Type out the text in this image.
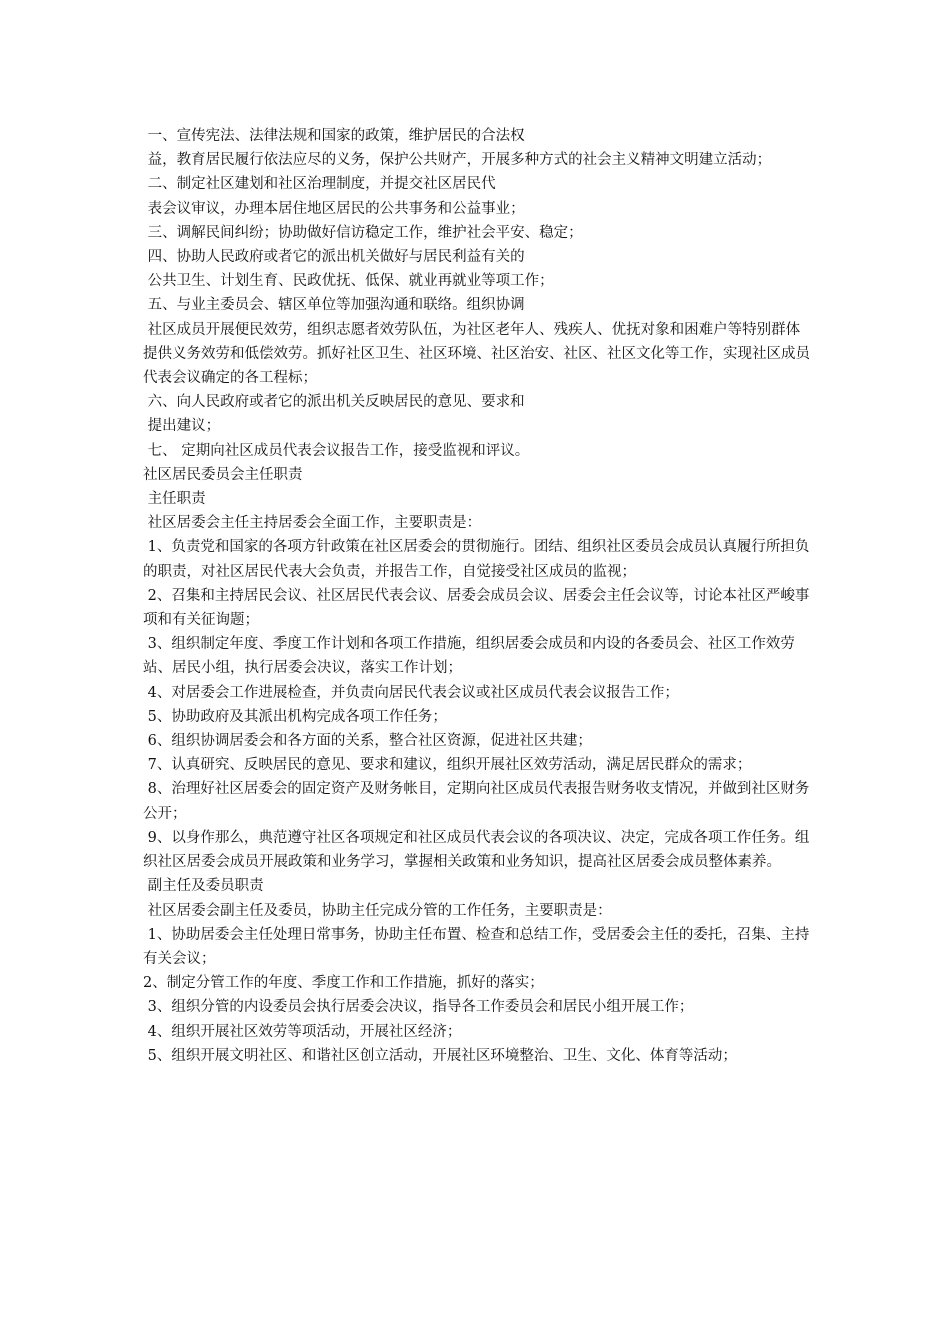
一、宣传宪法、法律法规和国家的政策，维护居民的合法权

益，教育居民履行依法应尽的义务，保护公共财产，开展多种方式的社会主义精神文明建立活动；

二、制定社区建划和社区治理制度，并提交社区居民代

表会议审议，办理本居住地区居民的公共事务和公益事业；

三、调解民间纠纷；协助做好信访稳定工作，维护社会平安、稳定；

四、协助人民政府或者它的派出机关做好与居民利益有关的

公共卫生、计划生育、民政优抚、低保、就业再就业等项工作；

五、与业主委员会、辖区单位等加强沟通和联络。组织协调

社区成员开展便民效劳，组织志愿者效劳队伍，为社区老年人、残疾人、优抚对象和困难户等特别群体提供义务效劳和低偿效劳。抓好社区卫生、社区环境、社区治安、社区、社区文化等工作，实现社区成员代表会议确定的各工程标；

六、向人民政府或者它的派出机关反映居民的意见、要求和

提出建议；

七、 定期向社区成员代表会议报告工作，接受监视和评议。

社区居民委员会主任职责

主任职责

社区居委会主任主持居委会全面工作，主要职责是：

1、负责党和国家的各项方针政策在社区居委会的贯彻施行。团结、组织社区委员会成员认真履行所担负的职责，对社区居民代表大会负责，并报告工作，自觉接受社区成员的监视；

2、召集和主持居民会议、社区居民代表会议、居委会成员会议、居委会主任会议等，讨论本社区严峻事项和有关征询题；

3、组织制定年度、季度工作计划和各项工作措施，组织居委会成员和内设的各委员会、社区工作效劳站、居民小组，执行居委会决议，落实工作计划；

4、对居委会工作进展检查，并负责向居民代表会议或社区成员代表会议报告工作；

5、协助政府及其派出机构完成各项工作任务；

6、组织协调居委会和各方面的关系，整合社区资源，促进社区共建；

7、认真研究、反映居民的意见、要求和建议，组织开展社区效劳活动，满足居民群众的需求；

8、治理好社区居委会的固定资产及财务帐目，定期向社区成员代表报告财务收支情况，并做到社区财务公开；

9、以身作那么，典范遵守社区各项规定和社区成员代表会议的各项决议、决定，完成各项工作任务。组织社区居委会成员开展政策和业务学习，掌握相关政策和业务知识，提高社区居委会成员整体素养。

副主任及委员职责

社区居委会副主任及委员，协助主任完成分管的工作任务，主要职责是：

1、协助居委会主任处理日常事务，协助主任布置、检查和总结工作，受居委会主任的委托，召集、主持有关会议；

2、制定分管工作的年度、季度工作和工作措施，抓好的落实；

3、组织分管的内设委员会执行居委会决议，指导各工作委员会和居民小组开展工作；

4、组织开展社区效劳等项活动，开展社区经济；

5、组织开展文明社区、和谐社区创立活动，开展社区环境整治、卫生、文化、体育等活动；
